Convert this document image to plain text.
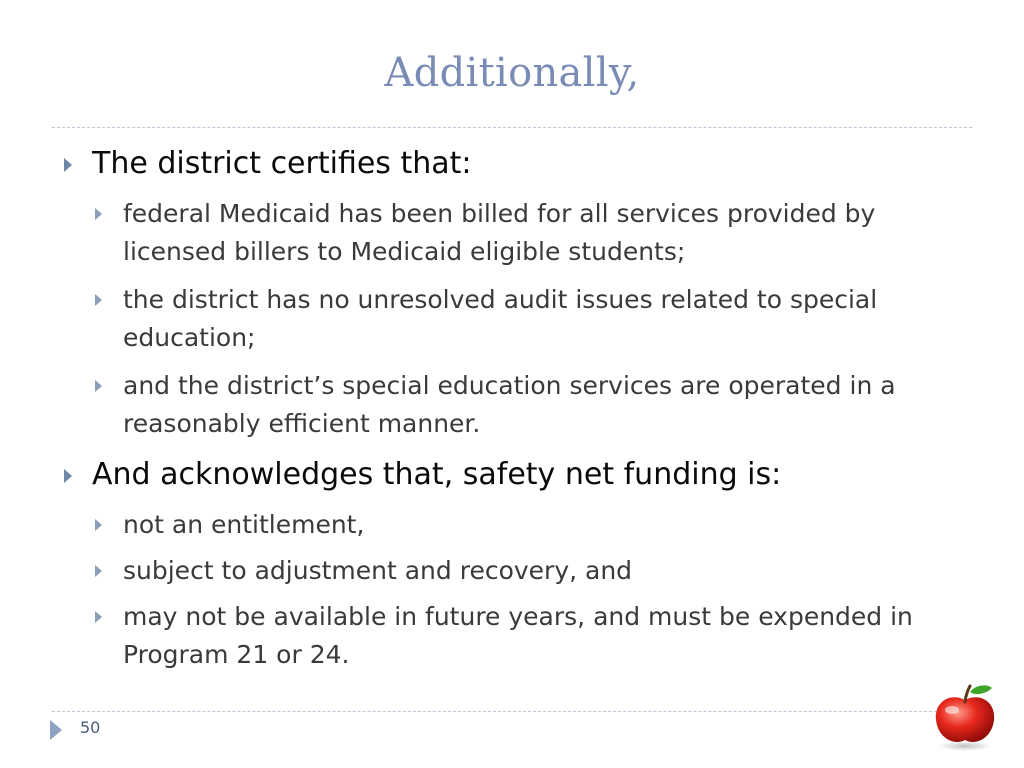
Additionally,
The district certifies that:
federal Medicaid has been billed for all services provided by licensed billers to Medicaid eligible students;
the district has no unresolved audit issues related to special education;
and the district’s special education services are operated in a reasonably efficient manner.
And acknowledges that, safety net funding is:
not an entitlement,
subject to adjustment and recovery, and
may not be available in future years, and must be expended in Program 21 or 24.
50
